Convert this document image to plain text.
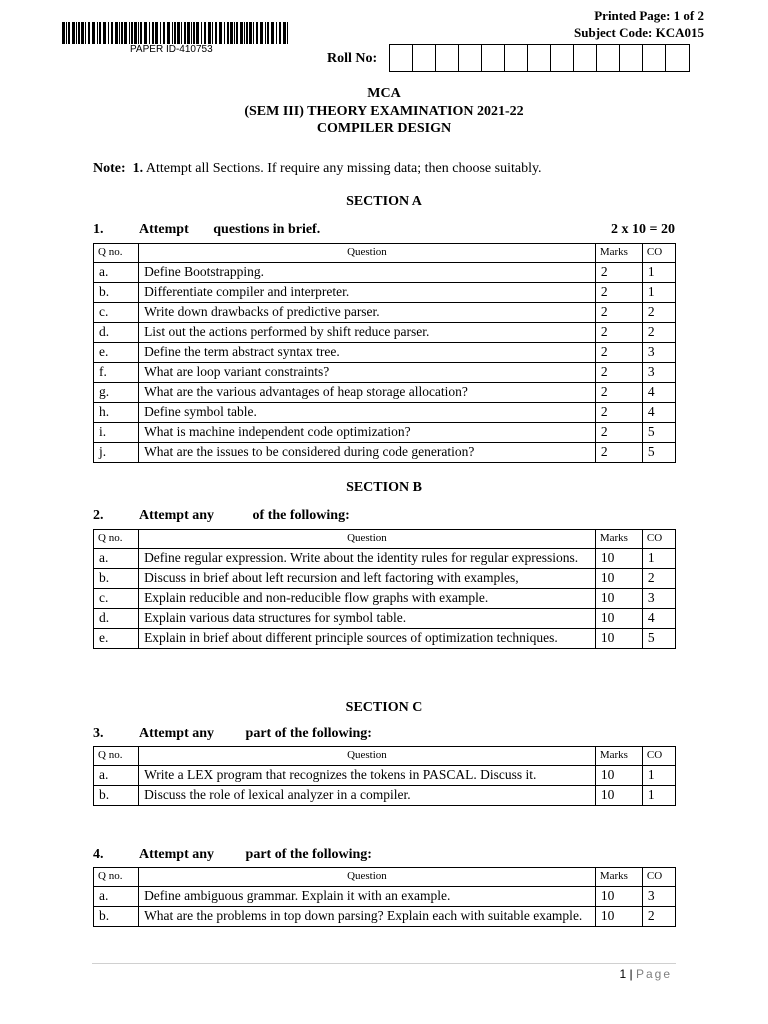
PAPER ID-410753
Printed Page: 1 of 2
Subject Code: KCA015
Roll No:
MCA
(SEM III) THEORY EXAMINATION 2021-22
COMPILER DESIGN
Note: 1. Attempt all Sections. If require any missing data; then choose suitably.
SECTION A
1.	Attempt       questions in brief.	2 x 10 = 20
Q no.	Question	Marks	CO
a.	Define Bootstrapping.	2	1
b.	Differentiate compiler and interpreter.	2	1
c.	Write down drawbacks of predictive parser.	2	2
d.	List out the actions performed by shift reduce parser.	2	2
e.	Define the term abstract syntax tree.	2	3
f.	What are loop variant constraints?	2	3
g.	What are the various advantages of heap storage allocation?	2	4
h.	Define symbol table.	2	4
i.	What is machine independent code optimization?	2	5
j.	What are the issues to be considered during code generation?	2	5
SECTION B
2.	Attempt any           of the following:
Q no.	Question	Marks	CO
a.	Define regular expression. Write about the identity rules for regular expressions.	10	1
b.	Discuss in brief about left recursion and left factoring with examples,	10	2
c.	Explain reducible and non-reducible flow graphs with example.	10	3
d.	Explain various data structures for symbol table.	10	4
e.	Explain in brief about different principle sources of optimization techniques.	10	5
SECTION C
3.	Attempt any         part of the following:
Q no.	Question	Marks	CO
a.	Write a LEX program that recognizes the tokens in PASCAL. Discuss it.	10	1
b.	Discuss the role of lexical analyzer in a compiler.	10	1
4.	Attempt any         part of the following:
Q no.	Question	Marks	CO
a.	Define ambiguous grammar. Explain it with an example.	10	3
b.	What are the problems in top down parsing? Explain each with suitable example.	10	2
1 | Page
